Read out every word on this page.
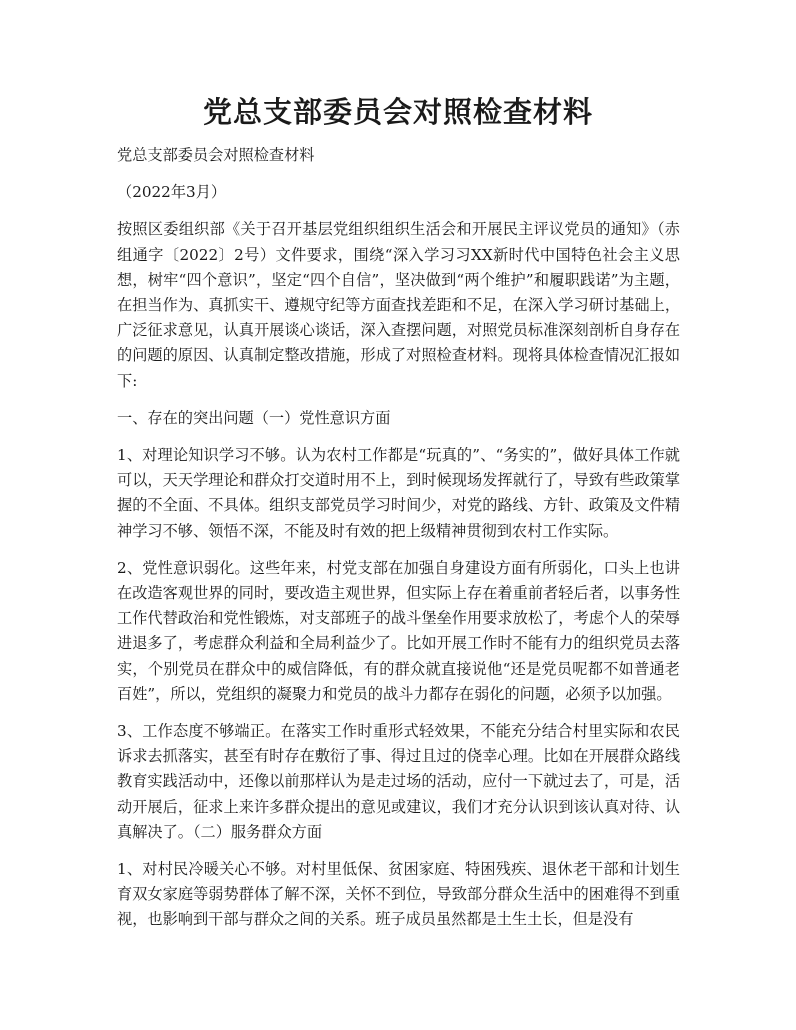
党总支部委员会对照检查材料

党总支部委员会对照检查材料

（2022年3月）

按照区委组织部《关于召开基层党组织组织生活会和开展民主评议党员的通知》（赤组通字〔2022〕2号）文件要求，围绕“深入学习习XX新时代中国特色社会主义思想，树牢“四个意识”，坚定“四个自信”，坚决做到“两个维护”和履职践诺”为主题，在担当作为、真抓实干、遵规守纪等方面查找差距和不足，在深入学习研讨基础上，广泛征求意见，认真开展谈心谈话，深入查摆问题，对照党员标准深刻剖析自身存在的问题的原因、认真制定整改措施，形成了对照检查材料。现将具体检查情况汇报如下:

一、存在的突出问题（一）党性意识方面

1、对理论知识学习不够。认为农村工作都是“玩真的”、“务实的”，做好具体工作就可以，天天学理论和群众打交道时用不上，到时候现场发挥就行了，导致有些政策掌握的不全面、不具体。组织支部党员学习时间少，对党的路线、方针、政策及文件精神学习不够、领悟不深，不能及时有效的把上级精神贯彻到农村工作实际。

2、党性意识弱化。这些年来，村党支部在加强自身建设方面有所弱化，口头上也讲在改造客观世界的同时，要改造主观世界，但实际上存在着重前者轻后者，以事务性工作代替政治和党性锻炼，对支部班子的战斗堡垒作用要求放松了，考虑个人的荣辱进退多了，考虑群众利益和全局利益少了。比如开展工作时不能有力的组织党员去落实，个别党员在群众中的威信降低，有的群众就直接说他“还是党员呢都不如普通老百姓”，所以，党组织的凝聚力和党员的战斗力都存在弱化的问题，必须予以加强。

3、工作态度不够端正。在落实工作时重形式轻效果，不能充分结合村里实际和农民诉求去抓落实，甚至有时存在敷衍了事、得过且过的侥幸心理。比如在开展群众路线教育实践活动中，还像以前那样认为是走过场的活动，应付一下就过去了，可是，活动开展后，征求上来许多群众提出的意见或建议，我们才充分认识到该认真对待、认真解决了。（二）服务群众方面

1、对村民冷暖关心不够。对村里低保、贫困家庭、特困残疾、退休老干部和计划生育双女家庭等弱势群体了解不深，关怀不到位，导致部分群众生活中的困难得不到重视，也影响到干部与群众之间的关系。班子成员虽然都是土生土长，但是没有
